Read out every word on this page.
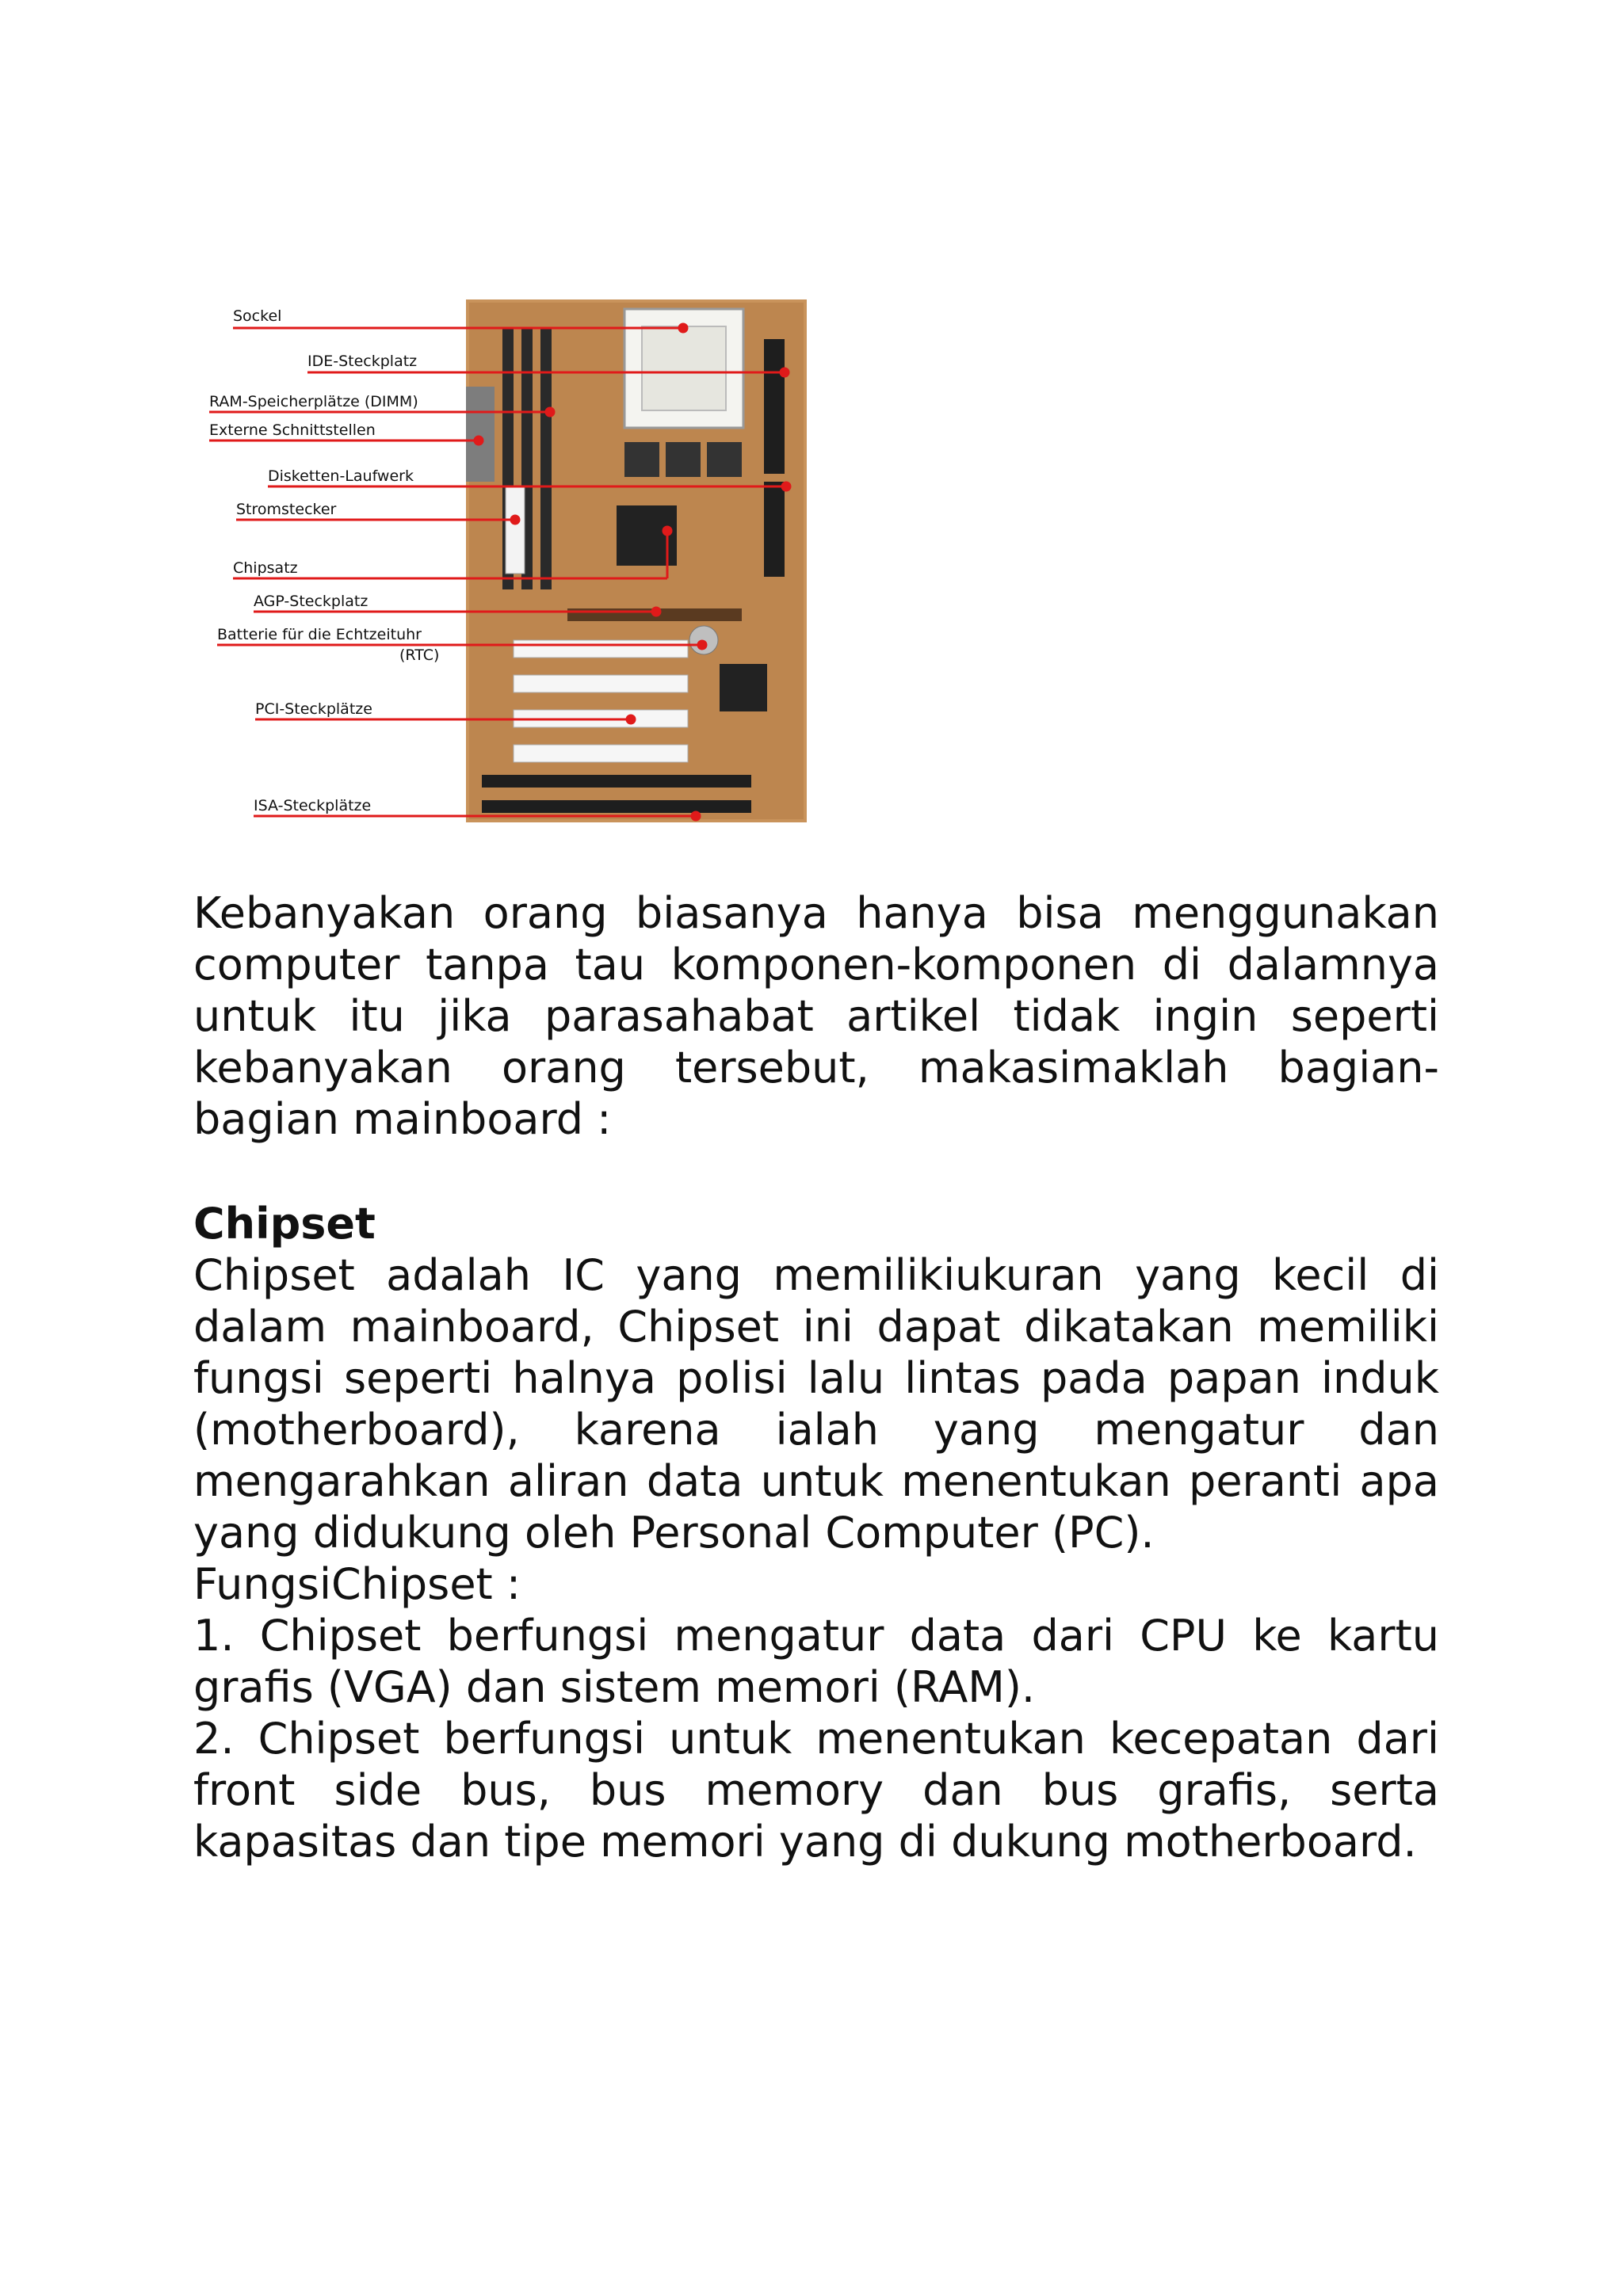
Sockel
IDE-Steckplatz
RAM-Speicherplätze (DIMM)
Externe Schnittstellen
Disketten-Laufwerk
Stromstecker
Chipsatz
AGP-Steckplatz
Batterie für die Echtzeituhr
(RTC)
PCI-Steckplätze
ISA-Steckplätze
Kebanyakan orang biasanya hanya bisa menggunakan computer tanpa tau komponen-komponen di dalamnya untuk itu jika parasahabat artikel tidak ingin seperti kebanyakan orang tersebut, makasimaklah bagian-bagian mainboard :
Chipset
Chipset adalah IC yang memilikiukuran yang kecil di dalam mainboard, Chipset ini dapat dikatakan memiliki fungsi seperti halnya polisi lalu lintas pada papan induk (motherboard), karena ialah yang mengatur dan mengarahkan aliran data untuk menentukan peranti apa yang didukung oleh Personal Computer (PC).
FungsiChipset :
1. Chipset berfungsi mengatur data dari CPU ke kartu grafis (VGA) dan sistem memori (RAM).
2. Chipset berfungsi untuk menentukan kecepatan dari front side bus, bus memory dan bus grafis, serta kapasitas dan tipe memori yang di dukung motherboard.
